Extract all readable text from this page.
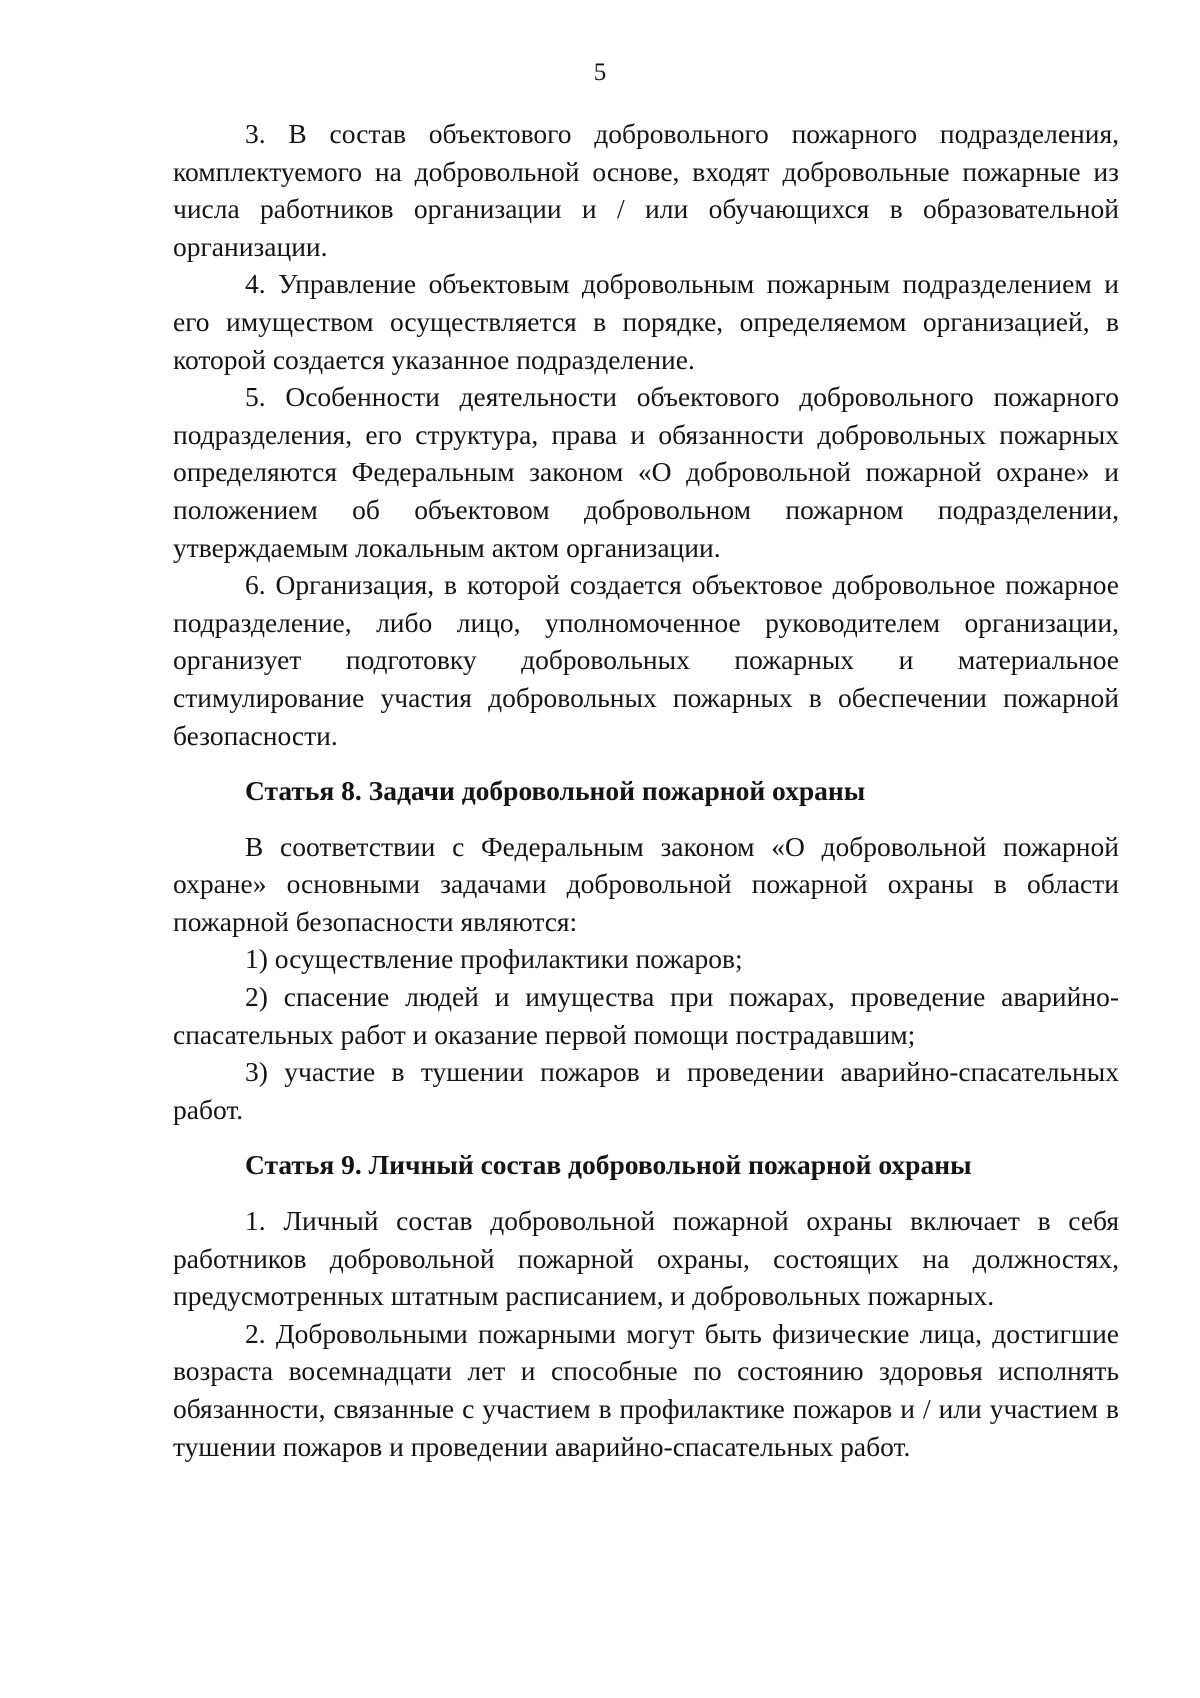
5

3. В состав объектового добровольного пожарного подразделения, комплектуемого на добровольной основе, входят добровольные пожарные из числа работников организации и / или обучающихся в образовательной организации.

4. Управление объектовым добровольным пожарным подразделением и его имуществом осуществляется в порядке, определяемом организацией, в которой создается указанное подразделение.

5. Особенности деятельности объектового добровольного пожарного подразделения, его структура, права и обязанности добровольных пожарных определяются Федеральным законом «О добровольной пожарной охране» и положением об объектовом добровольном пожарном подразделении, утверждаемым локальным актом организации.

6. Организация, в которой создается объектовое добровольное пожарное подразделение, либо лицо, уполномоченное руководителем организации, организует подготовку добровольных пожарных и материальное стимулирование участия добровольных пожарных в обеспечении пожарной безопасности.

Статья 8. Задачи добровольной пожарной охраны

В соответствии с Федеральным законом «О добровольной пожарной охране» основными задачами добровольной пожарной охраны в области пожарной безопасности являются:

1) осуществление профилактики пожаров;

2) спасение людей и имущества при пожарах, проведение аварийно-спасательных работ и оказание первой помощи пострадавшим;

3) участие в тушении пожаров и проведении аварийно-спасательных работ.

Статья 9. Личный состав добровольной пожарной охраны

1. Личный состав добровольной пожарной охраны включает в себя работников добровольной пожарной охраны, состоящих на должностях, предусмотренных штатным расписанием, и добровольных пожарных.

2. Добровольными пожарными могут быть физические лица, достигшие возраста восемнадцати лет и способные по состоянию здоровья исполнять обязанности, связанные с участием в профилактике пожаров и / или участием в тушении пожаров и проведении аварийно-спасательных работ.
